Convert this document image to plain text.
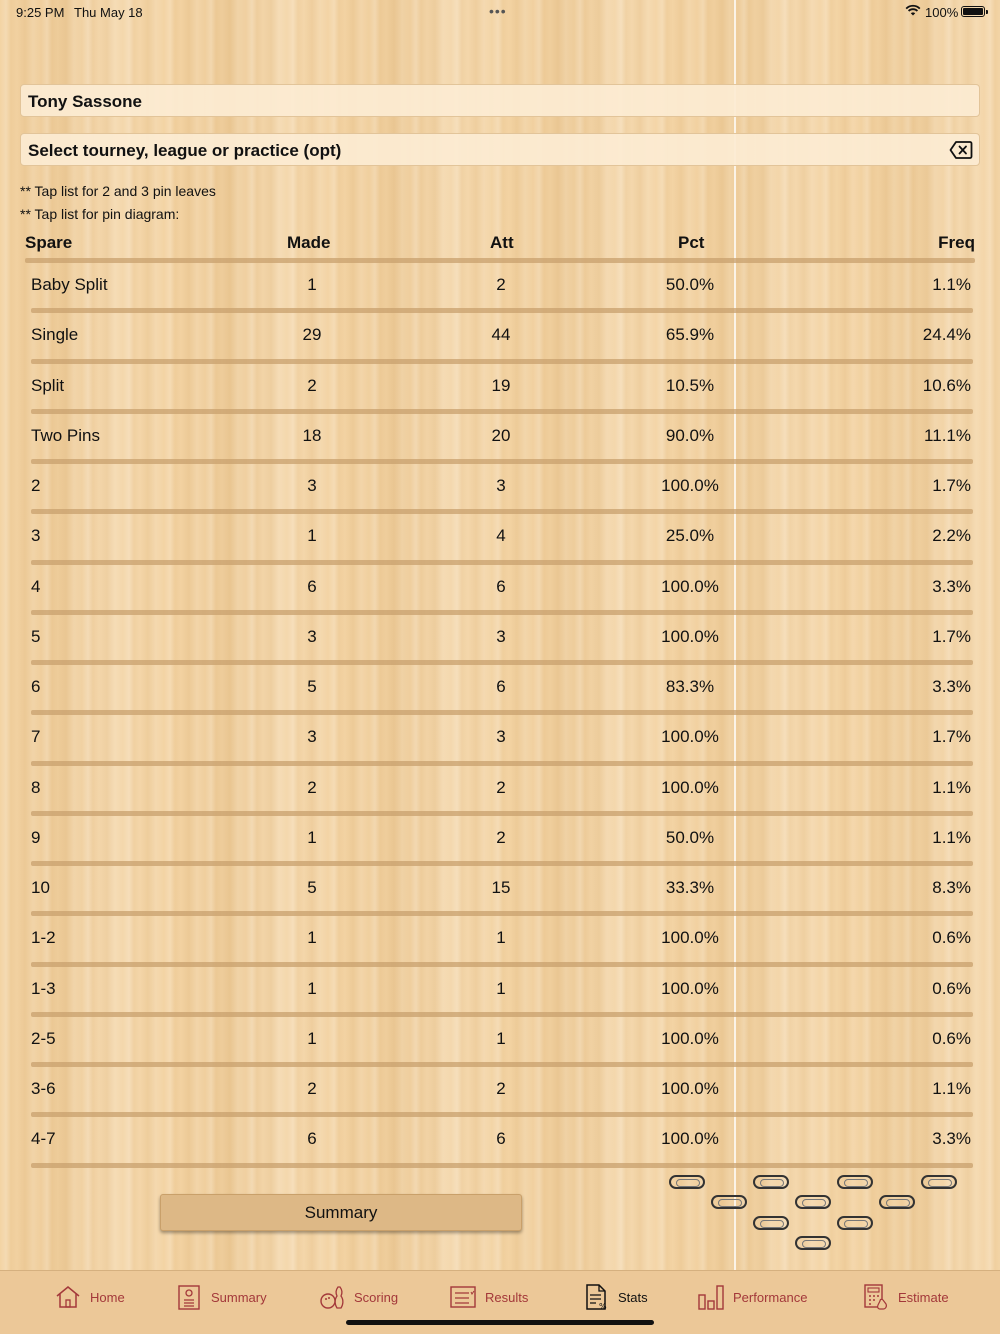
9:25 PM Thu May 18	•••	100%
Tony Sassone
Select tourney, league or practice (opt)
** Tap list for 2 and 3 pin leaves
** Tap list for pin diagram:
Spare	Made	Att	Pct	Freq
Baby Split	1	2	50.0%	1.1%
Single	29	44	65.9%	24.4%
Split	2	19	10.5%	10.6%
Two Pins	18	20	90.0%	11.1%
2	3	3	100.0%	1.7%
3	1	4	25.0%	2.2%
4	6	6	100.0%	3.3%
5	3	3	100.0%	1.7%
6	5	6	83.3%	3.3%
7	3	3	100.0%	1.7%
8	2	2	100.0%	1.1%
9	1	2	50.0%	1.1%
10	5	15	33.3%	8.3%
1-2	1	1	100.0%	0.6%
1-3	1	1	100.0%	0.6%
2-5	1	1	100.0%	0.6%
3-6	2	2	100.0%	1.1%
4-7	6	6	100.0%	3.3%
Summary
Home	Summary	Scoring	Results
%
Stats	Performance	Estimate
